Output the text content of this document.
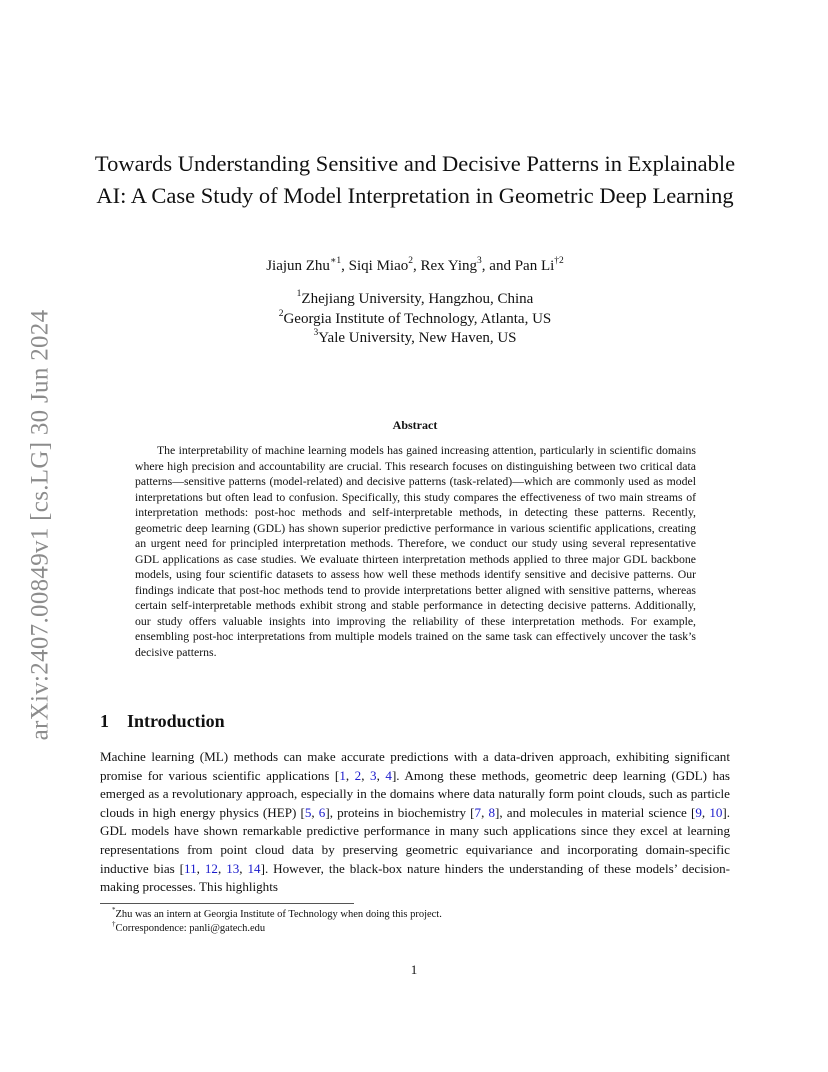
arXiv:2407.00849v1 [cs.LG] 30 Jun 2024
Towards Understanding Sensitive and Decisive Patterns in Explainable AI: A Case Study of Model Interpretation in Geometric Deep Learning
Jiajun Zhu$^{∗1}$, Siqi Miao$^2$, Rex Ying$^3$, and Pan Li$^{\dagger 2}$
$^1$Zhejiang University, Hangzhou, China
$^2$Georgia Institute of Technology, Atlanta, US
$^3$Yale University, New Haven, US
Abstract

The interpretability of machine learning models has gained increasing attention, particularly in scientific domains where high precision and accountability are crucial. This research focuses on distinguishing between two critical data patterns—sensitive patterns (model-related) and decisive patterns (task-related)—which are commonly used as model interpretations but often lead to confusion. Specifically, this study compares the effectiveness of two main streams of interpretation methods: post-hoc methods and self-interpretable methods, in detecting these patterns. Recently, geometric deep learning (GDL) has shown superior predictive performance in various scientific applications, creating an urgent need for principled interpretation methods. Therefore, we conduct our study using several representative GDL applications as case studies. We evaluate thirteen interpretation methods applied to three major GDL backbone models, using four scientific datasets to assess how well these methods identify sensitive and decisive patterns. Our findings indicate that post-hoc methods tend to provide interpretations better aligned with sensitive patterns, whereas certain self-interpretable methods exhibit strong and stable performance in detecting decisive patterns. Additionally, our study offers valuable insights into improving the reliability of these interpretation methods. For example, ensembling post-hoc interpretations from multiple models trained on the same task can effectively uncover the task’s decisive patterns.

1 Introduction

Machine learning (ML) methods can make accurate predictions with a data-driven approach, exhibiting significant promise for various scientific applications [1, 2, 3, 4]. Among these methods, geometric deep learning (GDL) has emerged as a revolutionary approach, especially in the domains where data naturally form point clouds, such as particle clouds in high energy physics (HEP) [5, 6], proteins in biochemistry [7, 8], and molecules in material science [9, 10]. GDL models have shown remarkable predictive performance in many such applications since they excel at learning representations from point cloud data by preserving geometric equivariance and incorporating domain-specific inductive bias [11, 12, 13, 14]. However, the black-box nature hinders the understanding of these models’ decision-making processes. This highlights

*Zhu was an intern at Georgia Institute of Technology when doing this project.
†Correspondence: panli@gatech.edu
1
